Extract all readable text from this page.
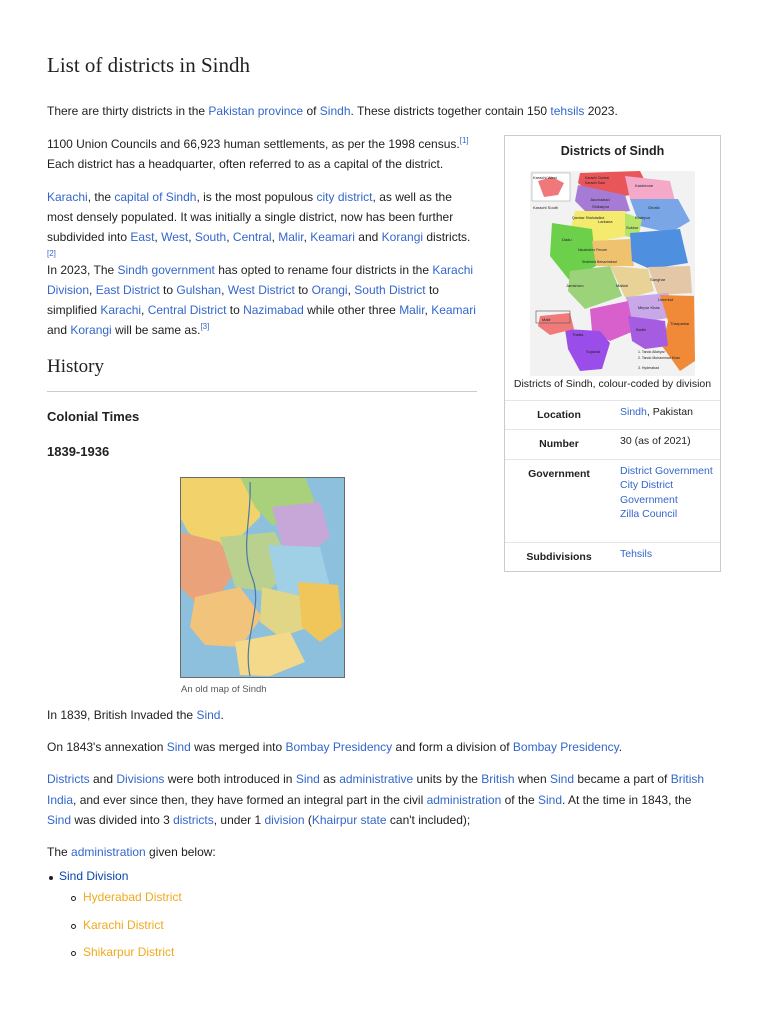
List of districts in Sindh

There are thirty districts in the Pakistan province of Sindh. These districts together contain 150 tehsils 2023.

1100 Union Councils and 66,923 human settlements, as per the 1998 census.[1] Each district has a headquarter, often referred to as a capital of the district.

Karachi, the capital of Sindh, is the most populous city district, as well as the most densely populated. It was initially a single district, now has been further subdivided into East, West, South, Central, Malir, Keamari and Korangi districts.[2]

In 2023, The Sindh government has opted to rename four districts in the Karachi Division, East District to Gulshan, West District to Orangi, South District to simplified Karachi, Central District to Nazimabad while other three Malir, Keamari and Korangi will be same as.[3]

Districts of Sindh
Karachi West
Karachi South
Karachi Central
Karachi East	Kashmore
Jacobabad
Shikarpur	Ghotki
Sukkur
Qambar Shahdadkot
Larkana
Khairpur
Dadu
Naushahro Feroze
Shaheed Benazirabad
Sanghar
Jamshoro	Matiari
Umerkot
Mirpur Khas
Tharparkar
Thatta
Badin
Sujawal
Malir
1. Tando Allahyar
2. Tando Muhammad Khan
3. Hyderabad
Districts of Sindh, colour-coded by division
Location	Sindh, Pakistan
Number	30 (as of 2021)
Government	District Government
City District Government
Zilla Council
Subdivisions	Tehsils
History
Colonial Times
1839-1936
An old map of Sindh

In 1839, British Invaded the Sind.

On 1843's annexation Sind was merged into Bombay Presidency and form a division of Bombay Presidency.

Districts and Divisions were both introduced in Sind as administrative units by the British when Sind became a part of British India, and ever since then, they have formed an integral part in the civil administration of the Sind. At the time in 1843, the Sind was divided into 3 districts, under 1 division (Khairpur state can't included);

The administration given below:

Sind Division
Hyderabad District
Karachi District
Shikarpur District
